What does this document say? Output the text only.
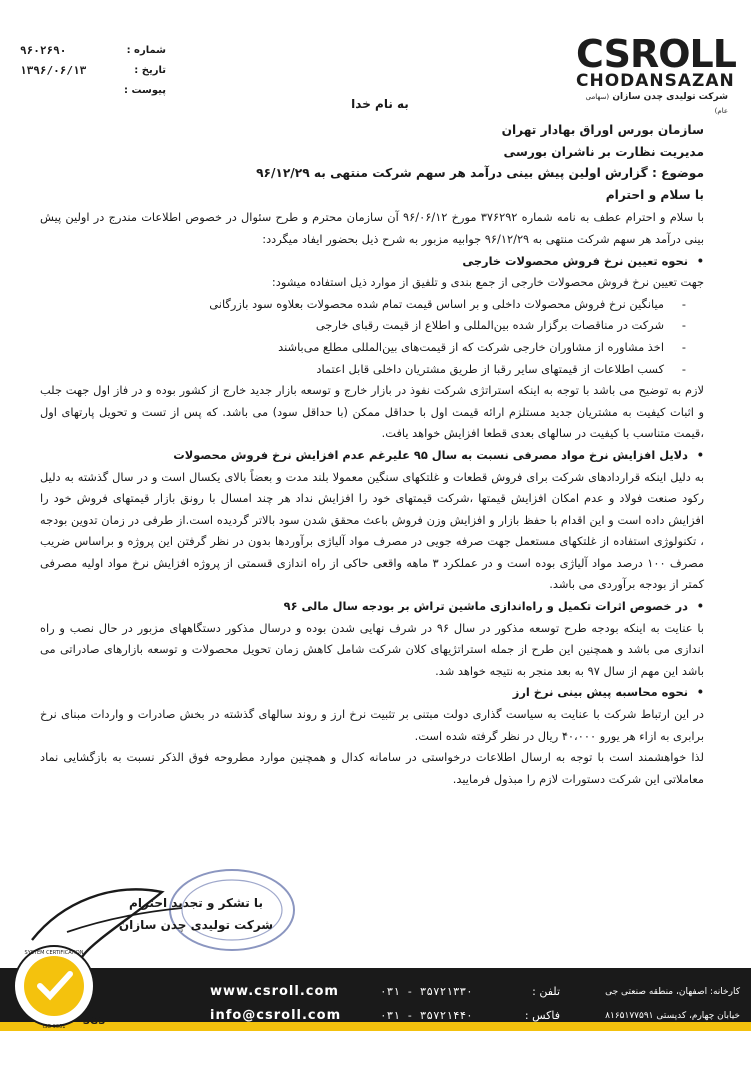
CSROLL
CHODANSAZAN
شرکت تولیدی چدن سازان (سهامی عام)
شماره :
۹۶۰۲۶۹۰
تاریخ :
۱۳۹۶/۰۶/۱۳
پیوست :
به نام خدا
سازمان بورس اوراق بهادار تهران
مدیریت نظارت بر ناشران بورسی
موضوع : گزارش اولین پیش بینی درآمد هر سهم شرکت منتهی به ۹۶/۱۲/۲۹
با سلام و احترام
با سلام و احترام عطف به نامه شماره ۳۷۶۲۹۲ مورخ ۹۶/۰۶/۱۲ آن سازمان محترم و طرح سئوال در خصوص اطلاعات مندرج در اولین پیش بینی درآمد هر سهم شرکت منتهی به ۹۶/۱۲/۲۹ جوابیه مزبور به شرح ذیل بحضور ایفاد میگردد:
• نحوه تعیین نرخ فروش محصولات خارجی
جهت تعیین نرخ فروش محصولات خارجی از جمع بندی و تلفیق از موارد ذیل استفاده میشود:
- میانگین نرخ فروش محصولات داخلی و بر اساس قیمت تمام شده محصولات بعلاوه سود بازرگانی
- شرکت در مناقصات برگزار شده بین‌المللی و اطلاع از قیمت رقبای خارجی
- اخذ مشاوره از مشاوران خارجی شرکت که از قیمت‌های بین‌المللی مطلع می‌باشند
- کسب اطلاعات از قیمتهای سایر رقبا از طریق مشتریان داخلی قابل اعتماد
لازم به توضیح می باشد با توجه به اینکه استراتژی شرکت نفوذ در بازار خارج و توسعه بازار جدید خارج از کشور بوده و در فاز اول جهت جلب و اثبات کیفیت به مشتریان جدید مستلزم ارائه قیمت اول با حداقل ممکن (با حداقل سود) می باشد. که پس از تست و تحویل پارتهای اول ،قیمت متناسب با کیفیت در سالهای بعدی قطعا افزایش خواهد یافت.
• دلایل افزایش نرخ مواد مصرفی نسبت به سال ۹۵ علیرغم عدم افزایش نرخ فروش محصولات
به دلیل اینکه قراردادهای شرکت برای فروش قطعات و غلتکهای سنگین معمولا بلند مدت و بعضاً بالای یکسال است و در سال گذشته به دلیل رکود صنعت فولاد و عدم امکان افزایش قیمتها ،شرکت قیمتهای خود را افزایش نداد هر چند امسال با رونق بازار قیمتهای فروش خود را افزایش داده است و این اقدام با حفظ بازار و افزایش وزن فروش باعث محقق شدن سود بالاتر گردیده است.از طرفی در زمان تدوین بودجه ، تکنولوژی استفاده از غلتکهای مستعمل جهت صرفه جویی در مصرف مواد آلیاژی برآوردها بدون در نظر گرفتن این پروژه و براساس ضریب مصرف ۱۰۰ درصد مواد آلیاژی بوده است و در عملکرد ۳ ماهه واقعی حاکی از راه اندازی قسمتی از پروژه افزایش نرخ مواد اولیه مصرفی کمتر از بودجه برآوردی می باشد.
• در خصوص اثرات تکمیل و راه‌اندازی ماشین تراش بر بودجه سال مالی ۹۶
با عنایت به اینکه بودجه طرح توسعه مذکور در سال ۹۶ در شرف نهایی شدن بوده و درسال مذکور دستگاههای مزبور در حال نصب و راه اندازی می باشد و همچنین این طرح از جمله استراتژیهای کلان شرکت شامل کاهش زمان تحویل محصولات و توسعه بازارهای صادراتی می باشد این مهم از سال ۹۷ به بعد منجر به نتیجه خواهد شد.
• نحوه محاسبه پیش بینی نرخ ارز
در این ارتباط شرکت با عنایت به سیاست گذاری دولت مبتنی بر تثبیت نرخ ارز و روند سالهای گذشته در بخش صادرات و واردات مبنای نرخ برابری به ازاء هر یورو ۴۰،۰۰۰ ریال در نظر گرفته شده است.
لذا خواهشمند است با توجه به ارسال اطلاعات درخواستی در سامانه کدال و همچنین موارد مطروحه فوق الذکر نسبت به بازگشایی نماد معاملاتی این شرکت دستورات لازم را مبذول فرمایید.
با تشکر و تجدید احترام
شرکت تولیدی چدن سازان
SYSTEM CERTIFICATION
ISO 9001 SGS
www.csroll.com
info@csroll.com
تلفن :
۰۳۱ - ۳۵۷۲۱۳۳۰
فاکس :
۰۳۱ - ۳۵۷۲۱۴۴۰
کارخانه: اصفهان، منطقه صنعتی جی
خیابان چهارم، کدپستی ۸۱۶۵۱۷۷۵۹۱
